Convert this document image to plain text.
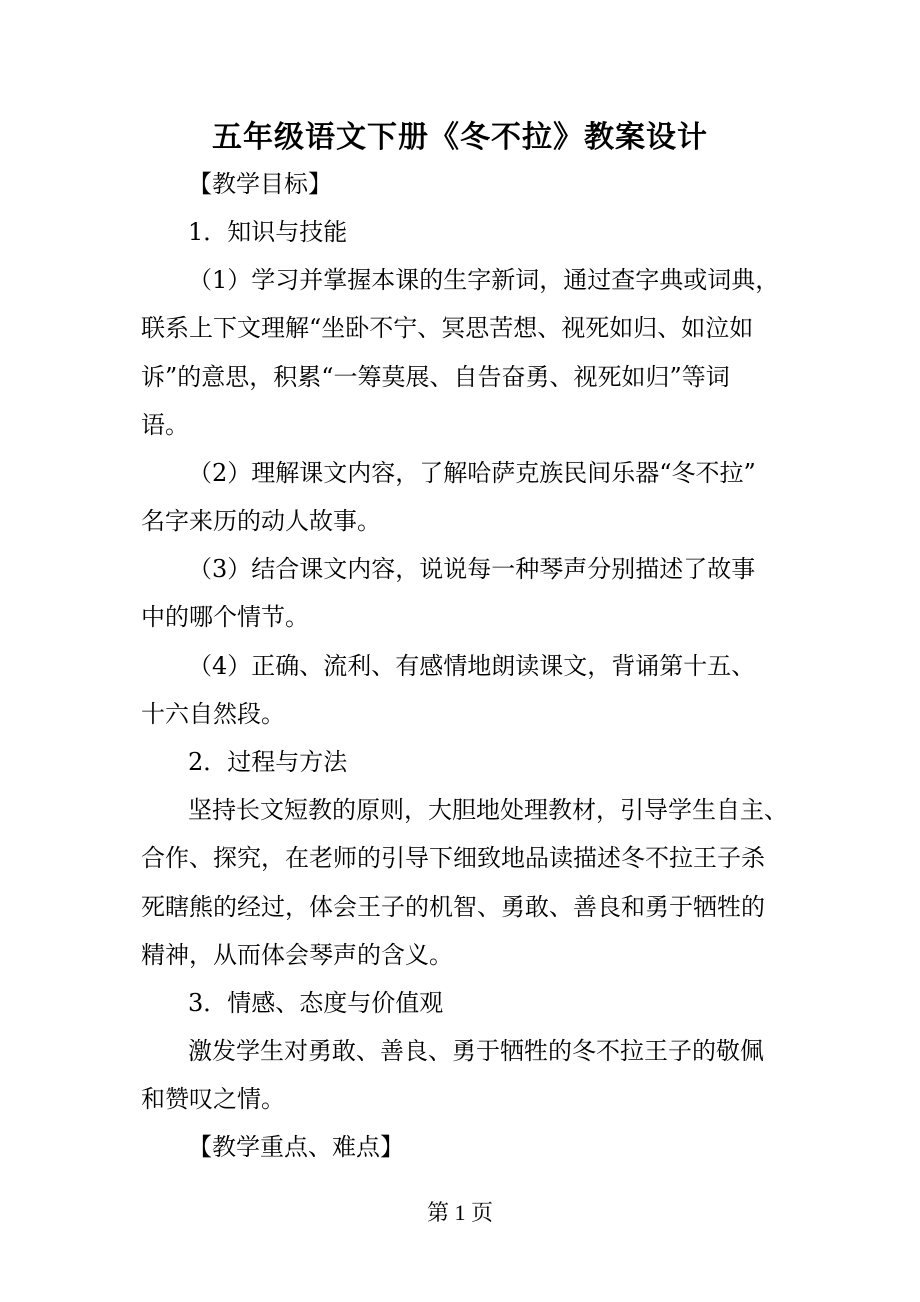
五年级语文下册《冬不拉》教案设计

【教学目标】

1．知识与技能

（1）学习并掌握本课的生字新词，通过查字典或词典，

联系上下文理解“坐卧不宁、冥思苦想、视死如归、如泣如

诉”的意思，积累“一筹莫展、自告奋勇、视死如归”等词

语。

（2）理解课文内容，了解哈萨克族民间乐器“冬不拉”

名字来历的动人故事。

（3）结合课文内容，说说每一种琴声分别描述了故事

中的哪个情节。

（4）正确、流利、有感情地朗读课文，背诵第十五、

十六自然段。

2．过程与方法

坚持长文短教的原则，大胆地处理教材，引导学生自主、

合作、探究，在老师的引导下细致地品读描述冬不拉王子杀

死瞎熊的经过，体会王子的机智、勇敢、善良和勇于牺牲的

精神，从而体会琴声的含义。

3．情感、态度与价值观

激发学生对勇敢、善良、勇于牺牲的冬不拉王子的敬佩

和赞叹之情。

【教学重点、难点】

第 1 页
